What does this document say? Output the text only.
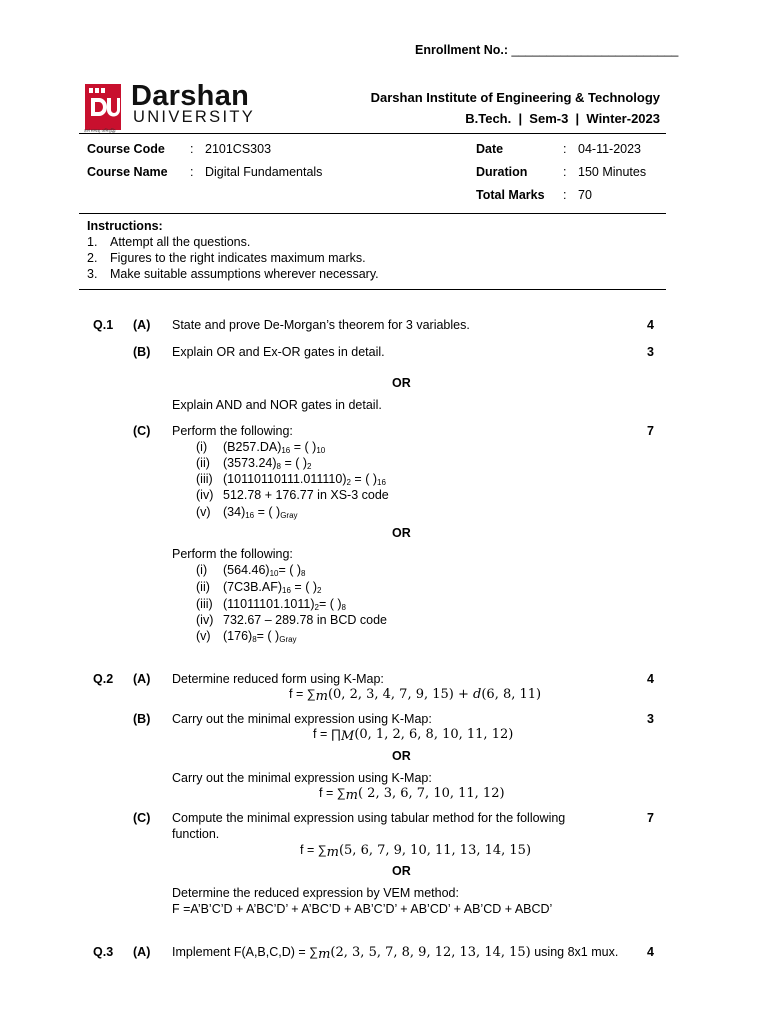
Enrollment No.: ________________________
Darshan
UNIVERSITY
ज्ञानं सम्यक् अभिवृद्धिः
Darshan Institute of Engineering & Technology
B.Tech.  |  Sem-3  |  Winter-2023
Course Code : 2101CS303
Course Name : Digital Fundamentals
Date	: 04-11-2023
Duration	: 150 Minutes
Total Marks : 70
Instructions:
1. Attempt all the questions.
2. Figures to the right indicates maximum marks.
3. Make suitable assumptions wherever necessary.
Q.1 (A) State and prove De-Morgan’s theorem for 3 variables.	4
(B) Explain OR and Ex-OR gates in detail.	3
OR
Explain AND and NOR gates in detail.
(C) Perform the following:	7
(i) $(B257.DA)_{16}$ = ( )$_{10}$
(ii) $(3573.24)_8$ = ( )$_2$
(iii) $(10110110111.011110)_2$ = ( )$_{16}$
(iv) 512.78 + 176.77 in XS-3 code
(v) $(34)_{16}$ = ( )$_{Gray}$
OR
Perform the following:
(i) $(564.46)_{10}=$ ( )$_8$
(ii) $(7C3B.AF)_{16}$ = ( )$_2$
(iii) $(11011101.1011)_2=$ ( )$_8$
(iv) 732.67 – 289.78 in BCD code
(v) $(176)_8=$ ( )$_{Gray}$
Q.2 (A) Determine reduced form using K-Map:	4
$f = \sum_m(0$, 2, 3, 4, 7, 9, 15) + d(6, 8, 11)
(B) Carry out the minimal expression using K-Map:	3
$f = \prod_M(0$, 1, 2, 6, 8, 10, 11, 12)
OR
Carry out the minimal expression using K-Map:
$f = \sum_m$( 2, 3, 6, 7, 10, 11, 12)
(C) Compute the minimal expression using tabular method for the following
function.
7
$f = \sum_m(5$, 6, 7, 9, 10, 11, 13, 14, 15)
OR
Determine the reduced expression by VEM method:
F =A’B’C’D + A’BC’D’ + A’BC’D + AB’C’D’ + AB’CD’ + AB’CD + ABCD’
Q.3 (A) Implement $F(A,B,C,D) = \sum_m(2$, 3, 5, 7, 8, 9, 12, 13, 14, 15) using 8x1 mux. 4
